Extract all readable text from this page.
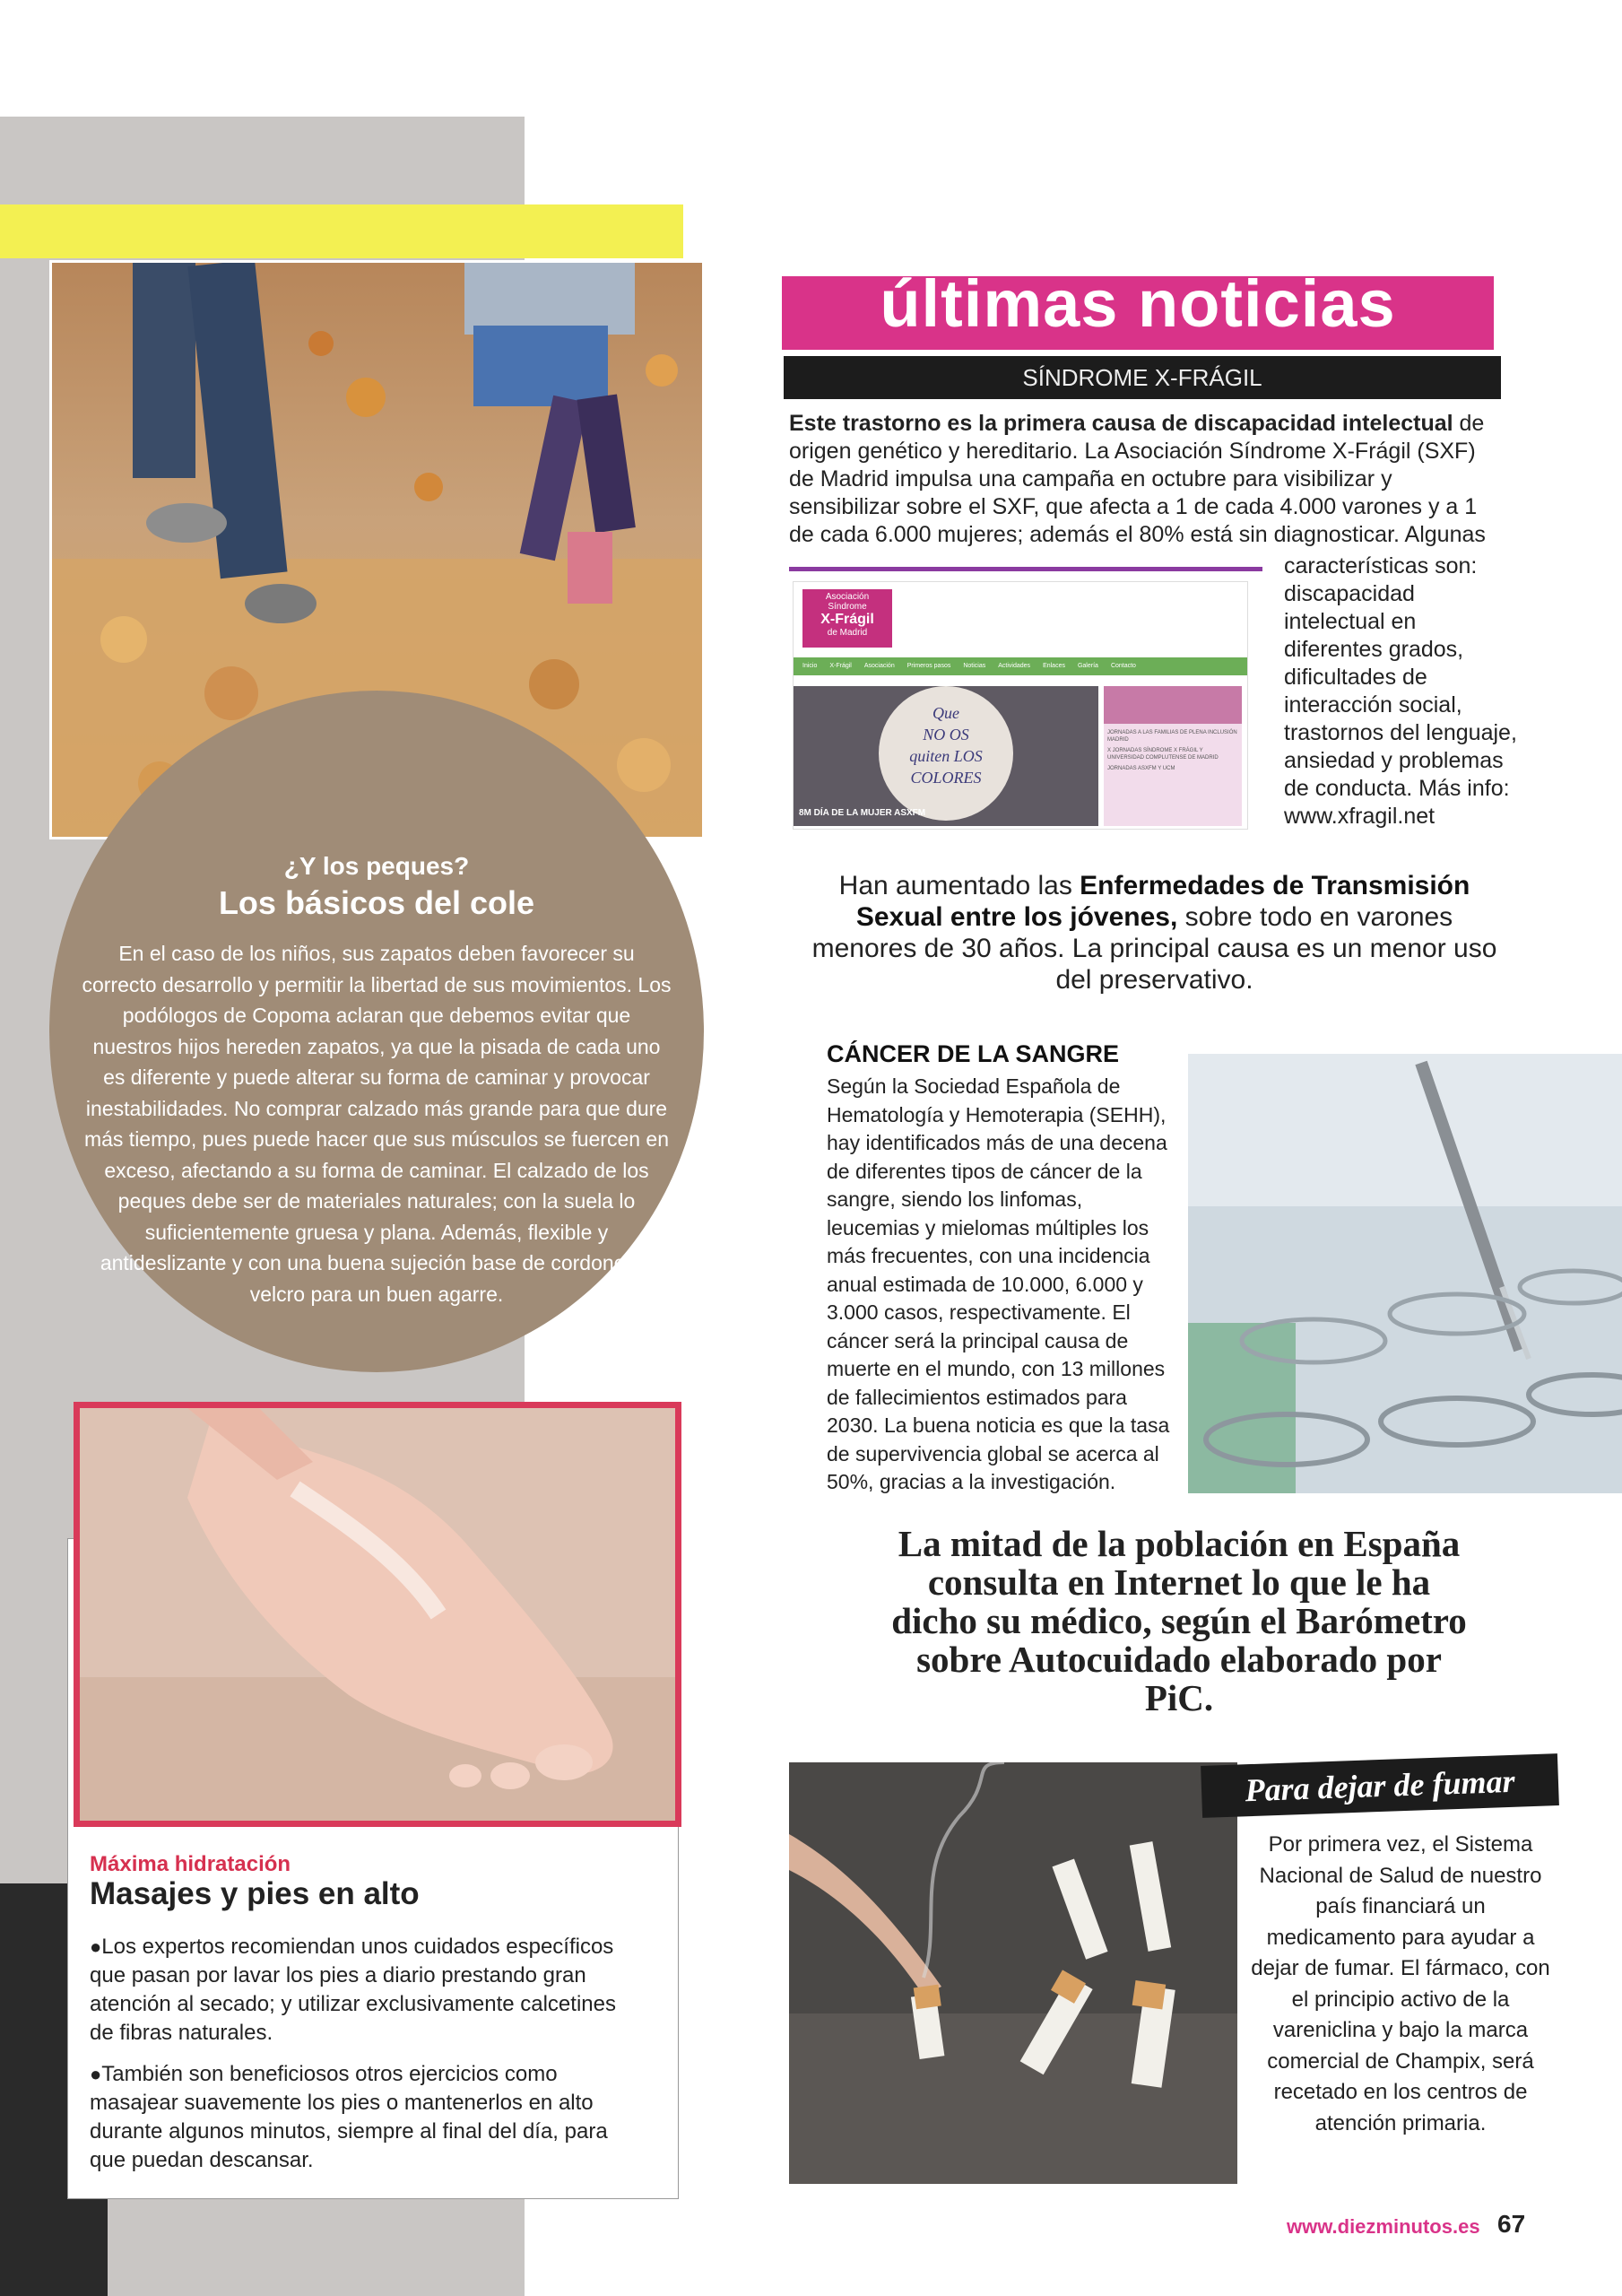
¿Y los peques?
Los básicos del cole
En el caso de los niños, sus zapatos deben favorecer su correcto desarrollo y permitir la libertad de sus movimientos. Los podólogos de Copoma aclaran que debemos evitar que nuestros hijos hereden zapatos, ya que la pisada de cada uno es diferente y puede alterar su forma de caminar y provocar inestabilidades. No comprar calzado más grande para que dure más tiempo, pues puede hacer que sus músculos se fuercen en exceso, afectando a su forma de caminar. El calzado de los peques debe ser de materiales naturales; con la suela lo suficientemente gruesa y plana. Además, flexible y antideslizante y con una buena sujeción base de cordones o velcro para un buen agarre.
Máxima hidratación
Masajes y pies en alto

●Los expertos recomiendan unos cuidados específicos que pasan por lavar los pies a diario prestando gran atención al secado; y utilizar exclusivamente calcetines de fibras naturales.

●También son beneficiosos otros ejercicios como masajear suavemente los pies o mantenerlos en alto durante algunos minutos, siempre al final del día, para que puedan descansar.

últimas noticias
SÍNDROME X-FRÁGIL
Este trastorno es la primera causa de discapacidad intelectual de origen genético y hereditario. La Asociación Síndrome X-Frágil (SXF) de Madrid impulsa una campaña en octubre para visibilizar y sensibilizar sobre el SXF, que afecta a 1 de cada 4.000 varones y a 1 de cada 6.000 mujeres; además el 80% está sin diagnosticar. Algunas
Asociación
Síndrome
X-Frágil
de Madrid
Inicio X-Frágil Asociación Primeros pasos Noticias Actividades Enlaces Galería Contacto
Que
NO OS
quiten LOS
COLORES
8M DÍA DE LA MUJER ASXFM
JORNADAS A LAS FAMILIAS DE PLENA INCLUSIÓN MADRID
X JORNADAS SÍNDROME X FRÁGIL Y UNIVERSIDAD COMPLUTENSE DE MADRID
JORNADAS ASXFM Y UCM
características son: discapacidad intelectual en diferentes grados, dificultades de interacción social, trastornos del lenguaje, ansiedad y problemas de conducta. Más info: www.xfragil.net
Han aumentado las Enfermedades de Transmisión Sexual entre los jóvenes, sobre todo en varones menores de 30 años. La principal causa es un menor uso del preservativo.
CÁNCER DE LA SANGRE
Según la Sociedad Española de Hematología y Hemoterapia (SEHH), hay identificados más de una decena de diferentes tipos de cáncer de la sangre, siendo los linfomas, leucemias y mielomas múltiples los más frecuentes, con una incidencia anual estimada de 10.000, 6.000 y 3.000 casos, respectivamente. El cáncer será la principal causa de muerte en el mundo, con 13 millones de fallecimientos estimados para 2030. La buena noticia es que la tasa de supervivencia global se acerca al 50%, gracias a la investigación.
La mitad de la población en España consulta en Internet lo que le ha dicho su médico, según el Barómetro sobre Autocuidado elaborado por PiC.
Para dejar de fumar
Por primera vez, el Sistema Nacional de Salud de nuestro país financiará un medicamento para ayudar a dejar de fumar. El fármaco, con el principio activo de la vareniclina y bajo la marca comercial de Champix, será recetado en los centros de atención primaria.
www.diezminutos.es 67
